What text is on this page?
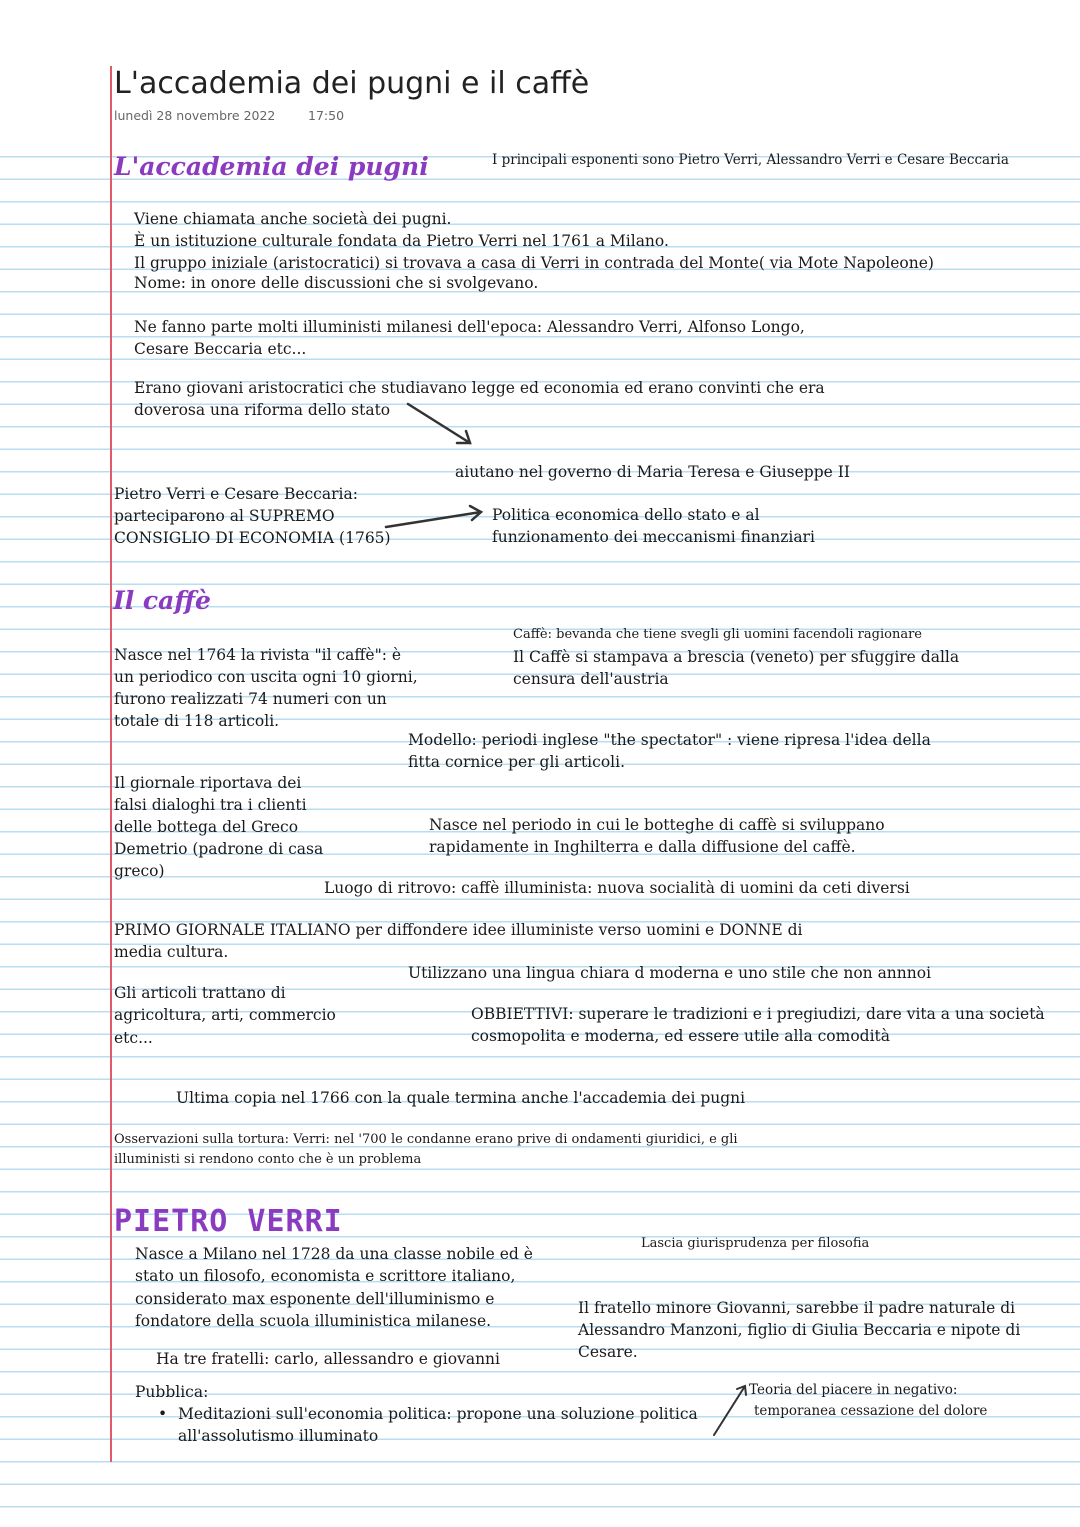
L'accademia dei pugni e il caffè
lunedì 28 novembre 2022	17:50
L'accademia dei pugni	I principali esponenti sono Pietro Verri, Alessandro Verri e Cesare Beccaria
Viene chiamata anche società dei pugni.
È un istituzione culturale fondata da Pietro Verri nel 1761 a Milano.
Il gruppo iniziale (aristocratici) si trovava a casa di Verri in contrada del Monte( via Mote Napoleone)
Nome: in onore delle discussioni che si svolgevano.
Ne fanno parte molti illuministi milanesi dell'epoca: Alessandro Verri, Alfonso Longo,
Cesare Beccaria etc...
Erano giovani aristocratici che studiavano legge ed economia ed erano convinti che era
doverosa una riforma dello stato
aiutano nel governo di Maria Teresa e Giuseppe II
Pietro Verri e Cesare Beccaria:
parteciparono al SUPREMO
CONSIGLIO DI ECONOMIA (1765)
Politica economica dello stato e al
funzionamento dei meccanismi finanziari
Il caffè
Caffè: bevanda che tiene svegli gli uomini facendoli ragionare
Il Caffè si stampava a brescia (veneto) per sfuggire dalla
censura dell'austria
Nasce nel 1764 la rivista "il caffè": è
un periodico con uscita ogni 10 giorni,
furono realizzati 74 numeri con un
totale di 118 articoli.
Modello: periodi inglese "the spectator" : viene ripresa l'idea della
fitta cornice per gli articoli.
Il giornale riportava dei
falsi dialoghi tra i clienti
delle bottega del Greco
Demetrio (padrone di casa
greco)
Nasce nel periodo in cui le botteghe di caffè si sviluppano
rapidamente in Inghilterra e dalla diffusione del caffè.
Luogo di ritrovo: caffè illuminista: nuova socialità di uomini da ceti diversi
PRIMO GIORNALE ITALIANO per diffondere idee illuministe verso uomini e DONNE di
media cultura.
Utilizzano una lingua chiara d moderna e uno stile che non annnoi
Gli articoli trattano di
agricoltura, arti, commercio
etc...
OBBIETTIVI: superare le tradizioni e i pregiudizi, dare vita a una società
cosmopolita e moderna, ed essere utile alla comodità
Ultima copia nel 1766 con la quale termina anche l'accademia dei pugni
Osservazioni sulla tortura: Verri: nel '700 le condanne erano prive di ondamenti giuridici, e gli
illuministi si rendono conto che è un problema
PIETRO VERRI
Lascia giurisprudenza per filosofia
Nasce a Milano nel 1728 da una classe nobile ed è
stato un filosofo, economista e scrittore italiano,
considerato max esponente dell'illuminismo e
fondatore della scuola illuministica milanese.
Il fratello minore Giovanni, sarebbe il padre naturale di
Alessandro Manzoni, figlio di Giulia Beccaria e nipote di
Cesare.
Ha tre fratelli: carlo, allessandro e giovanni
Pubblica:
• Meditazioni sull'economia politica: propone una soluzione politica
all'assolutismo illuminato
Teoria del piacere in negativo:
temporanea cessazione del dolore
